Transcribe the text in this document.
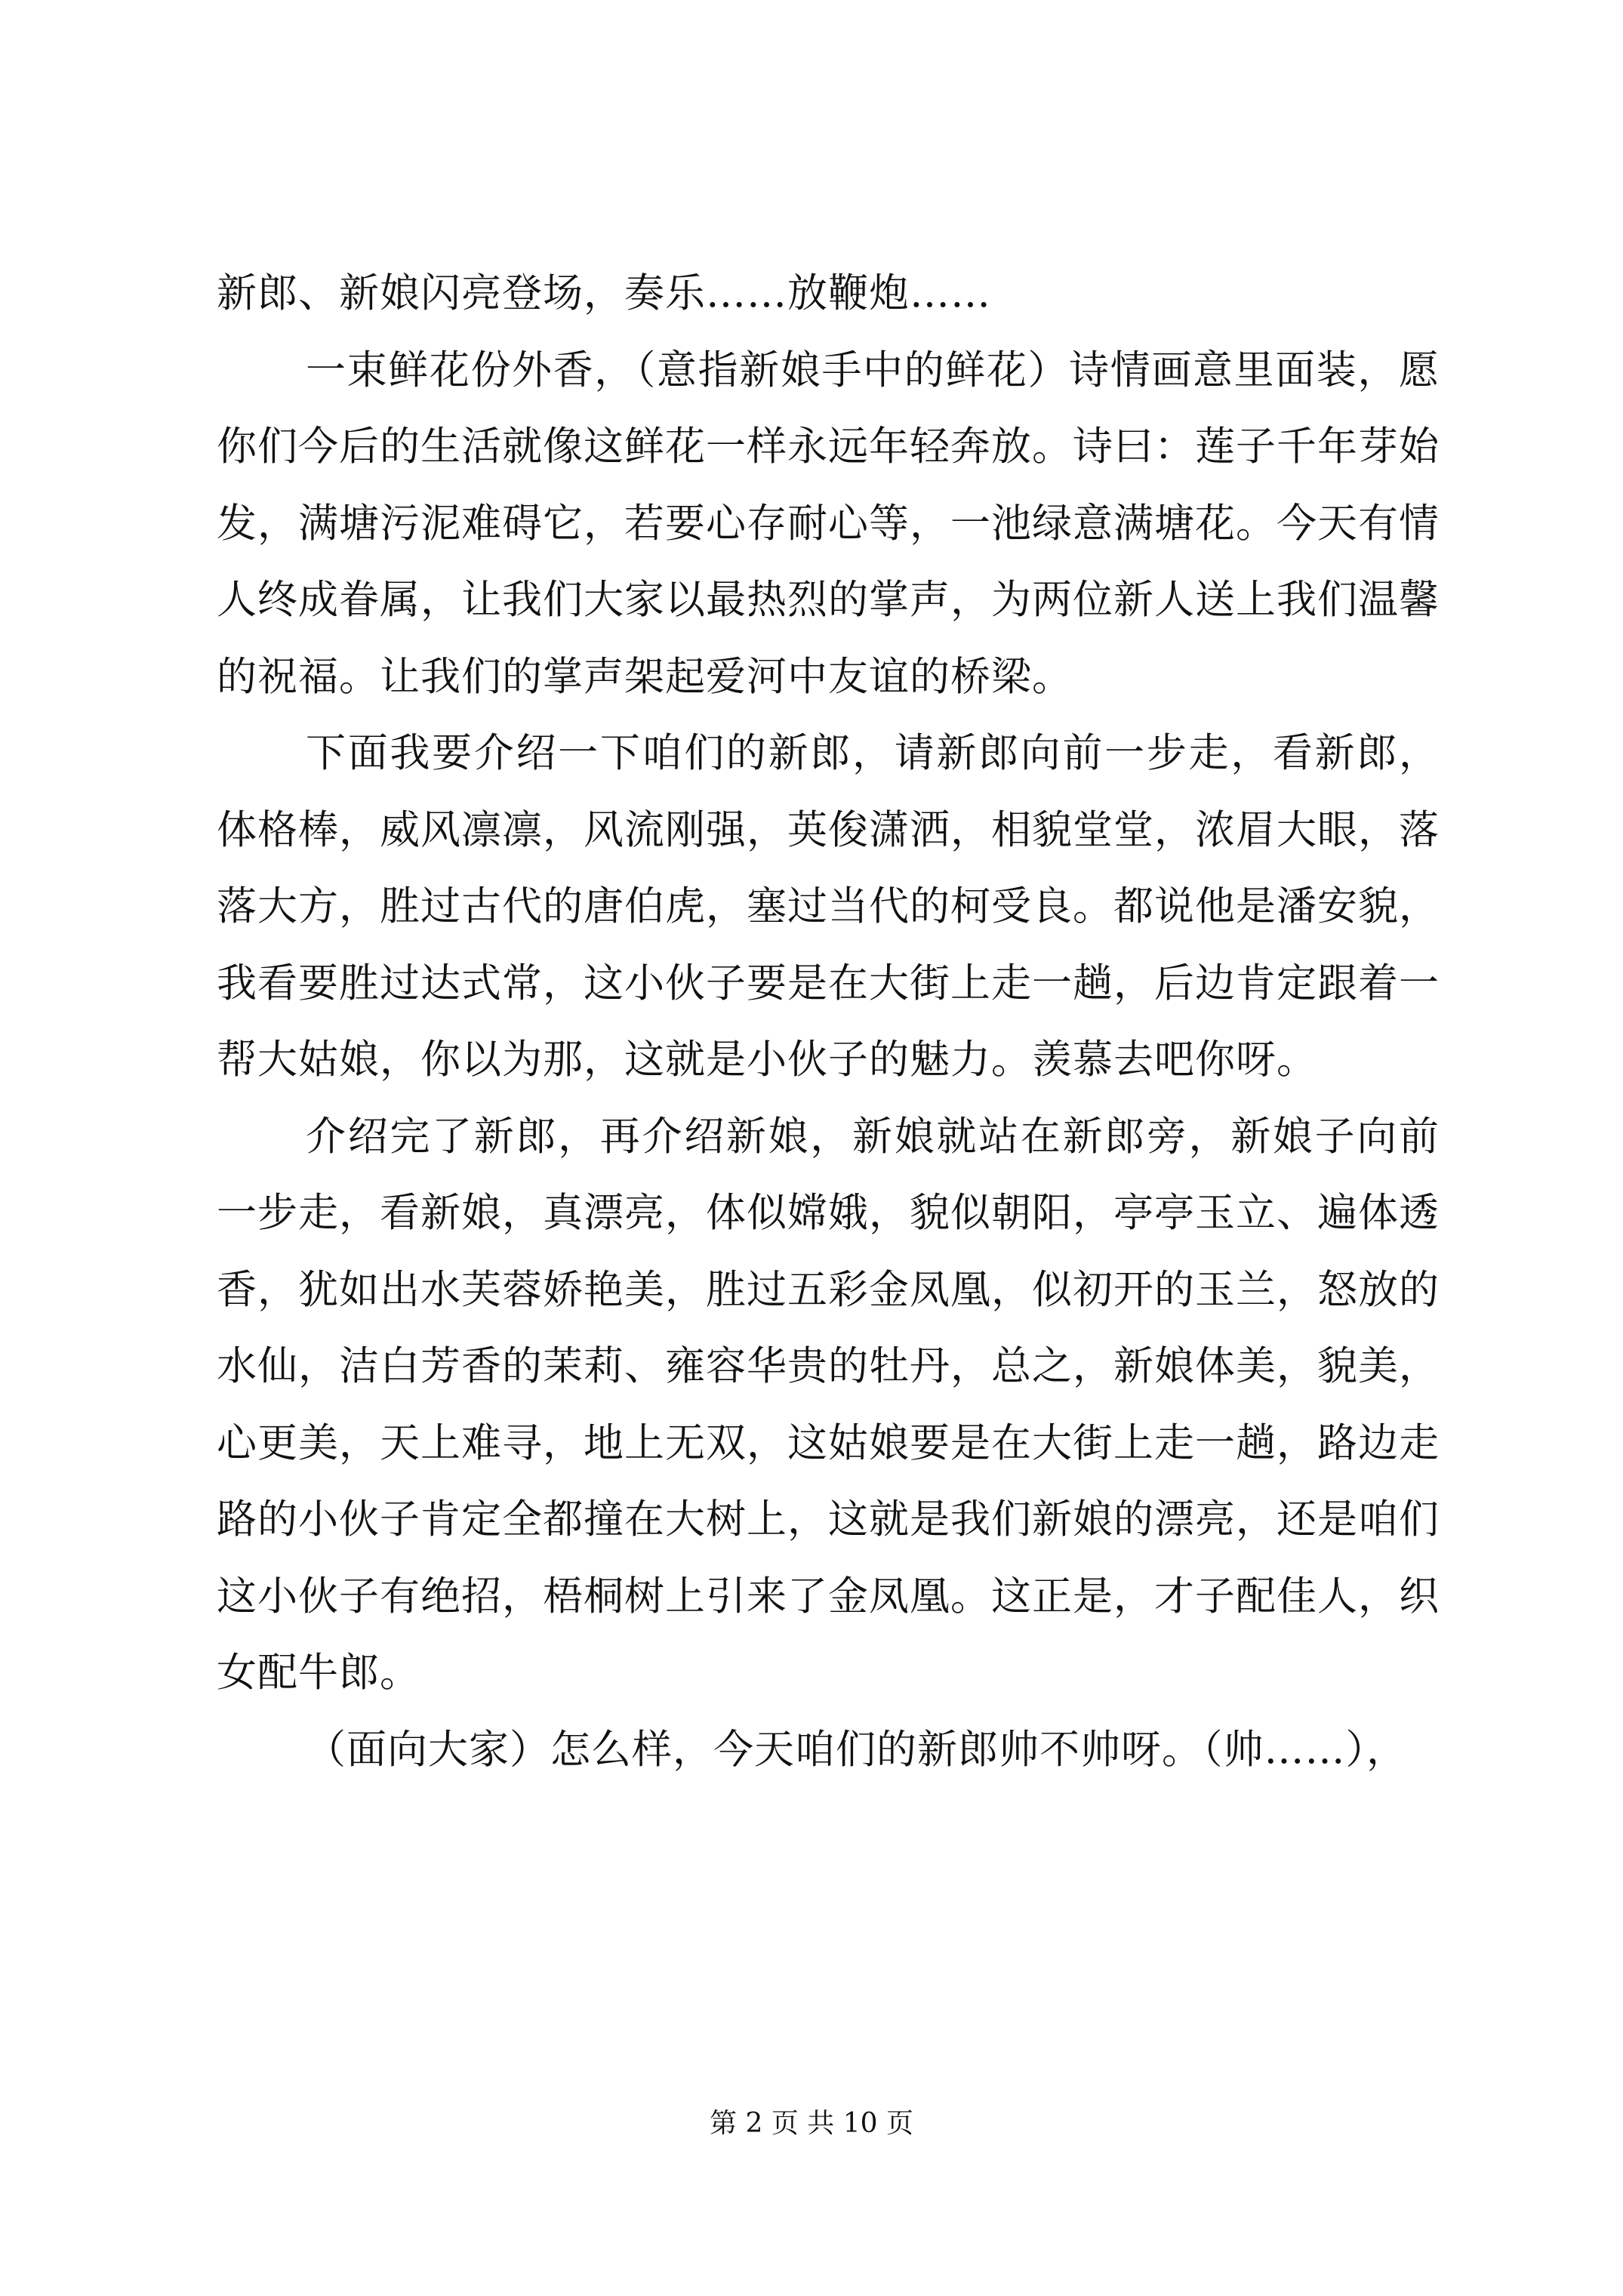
新郎、新娘闪亮登场，奏乐……放鞭炮……

一束鲜花份外香，（意指新娘手中的鲜花）诗情画意里面装，愿你们今后的生活就像这鲜花一样永远年轻奔放。诗曰：莲子千年芽始发，满塘污泥难碍它，若要心存耐心等，一池绿意满塘花。今天有情人终成眷属，让我们大家以最热烈的掌声，为两位新人送上我们温馨的祝福。让我们的掌声架起爱河中友谊的桥梁。

下面我要介绍一下咱们的新郎，请新郎向前一步走，看新郎，体格棒，威风凛凛，风流刚强，英俊潇洒，相貌堂堂，浓眉大眼，落落大方，胜过古代的唐伯虎，塞过当代的柯受良。都说他是潘安貌，我看要胜过达式常，这小伙子要是在大街上走一趟，后边肯定跟着一帮大姑娘，你以为那，这就是小伙子的魅力。羡慕去吧你呀。

介绍完了新郎，再介绍新娘，新娘就站在新郎旁，新娘子向前一步走，看新娘，真漂亮，体似嫦娥，貌似朝阳，亭亭玉立、遍体透香，犹如出水芙蓉娇艳美，胜过五彩金凤凰，似初开的玉兰，怒放的水仙，洁白芳香的茉莉、雍容华贵的牡丹，总之，新娘体美，貌美，心更美，天上难寻，地上无双，这姑娘要是在大街上走一趟，路边走路的小伙子肯定全都撞在大树上，这就是我们新娘的漂亮，还是咱们这小伙子有绝招，梧桐树上引来了金凤凰。这正是，才子配佳人，织女配牛郎。

（面向大家）怎么样，今天咱们的新郎帅不帅呀。（帅……），

第 2 页 共 10 页
